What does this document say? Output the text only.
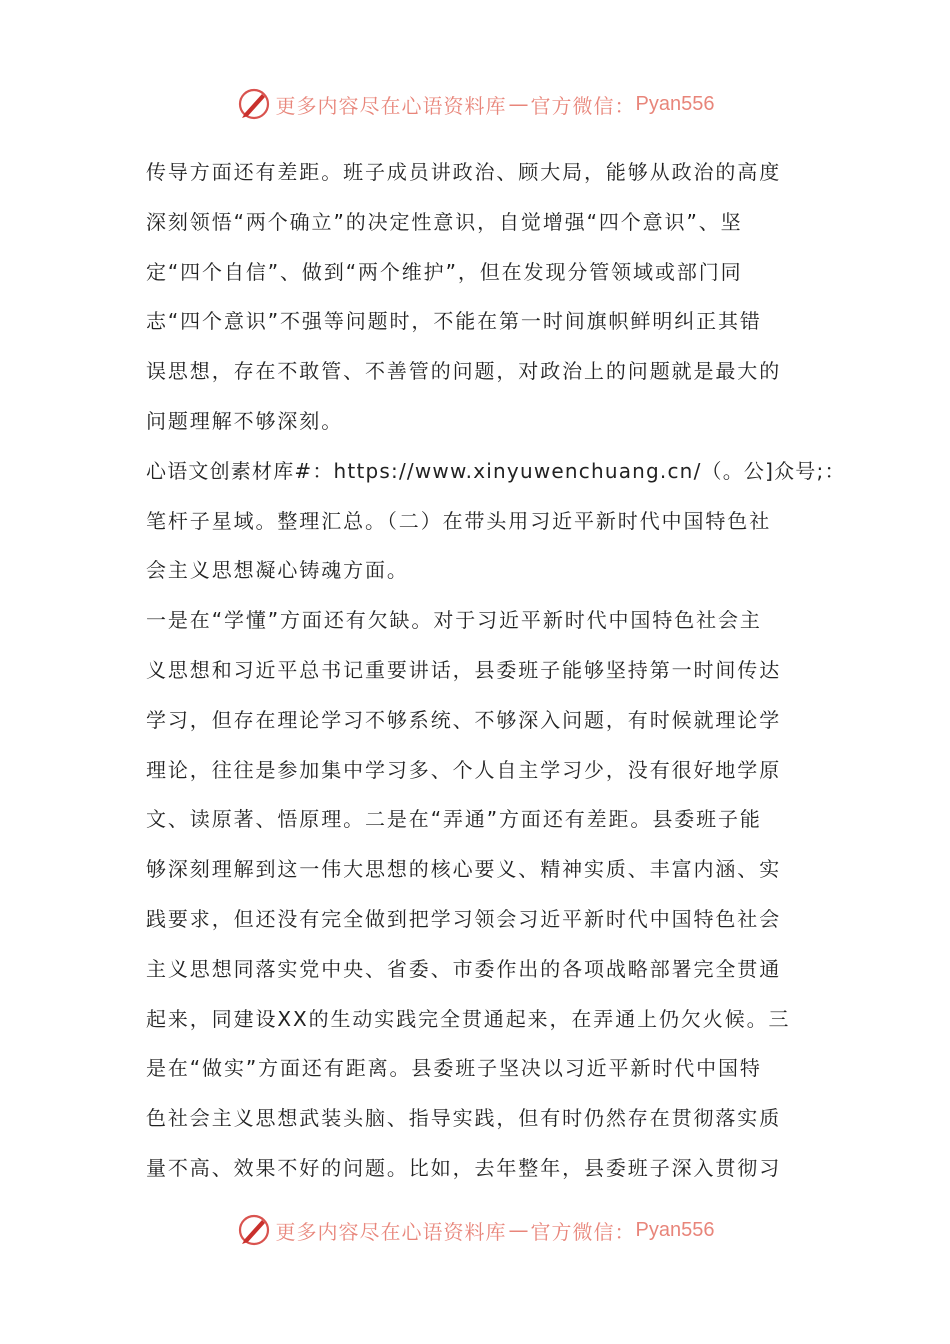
更多内容尽在心语资料库 — 官方微信： Pyan556
传导方面还有差距。班子成员讲政治、顾大局，能够从政治的高度
深刻领悟“两个确立”的决定性意识，自觉增强“四个意识”、坚
定“四个自信”、做到“两个维护”，但在发现分管领域或部门同
志“四个意识”不强等问题时，不能在第一时间旗帜鲜明纠正其错
误思想，存在不敢管、不善管的问题，对政治上的问题就是最大的
问题理解不够深刻。
心语文创素材库#：https://www.xinyuwenchuang.cn/（。公]众号;：
笔杆子星域。整理汇总。（二）在带头用习近平新时代中国特色社
会主义思想凝心铸魂方面。
一是在“学懂”方面还有欠缺。对于习近平新时代中国特色社会主
义思想和习近平总书记重要讲话，县委班子能够坚持第一时间传达
学习，但存在理论学习不够系统、不够深入问题，有时候就理论学
理论，往往是参加集中学习多、个人自主学习少，没有很好地学原
文、读原著、悟原理。二是在“弄通”方面还有差距。县委班子能
够深刻理解到这一伟大思想的核心要义、精神实质、丰富内涵、实
践要求，但还没有完全做到把学习领会习近平新时代中国特色社会
主义思想同落实党中央、省委、市委作出的各项战略部署完全贯通
起来，同建设XX的生动实践完全贯通起来，在弄通上仍欠火候。三
是在“做实”方面还有距离。县委班子坚决以习近平新时代中国特
色社会主义思想武装头脑、指导实践，但有时仍然存在贯彻落实质
量不高、效果不好的问题。比如，去年整年，县委班子深入贯彻习
更多内容尽在心语资料库 — 官方微信： Pyan556
